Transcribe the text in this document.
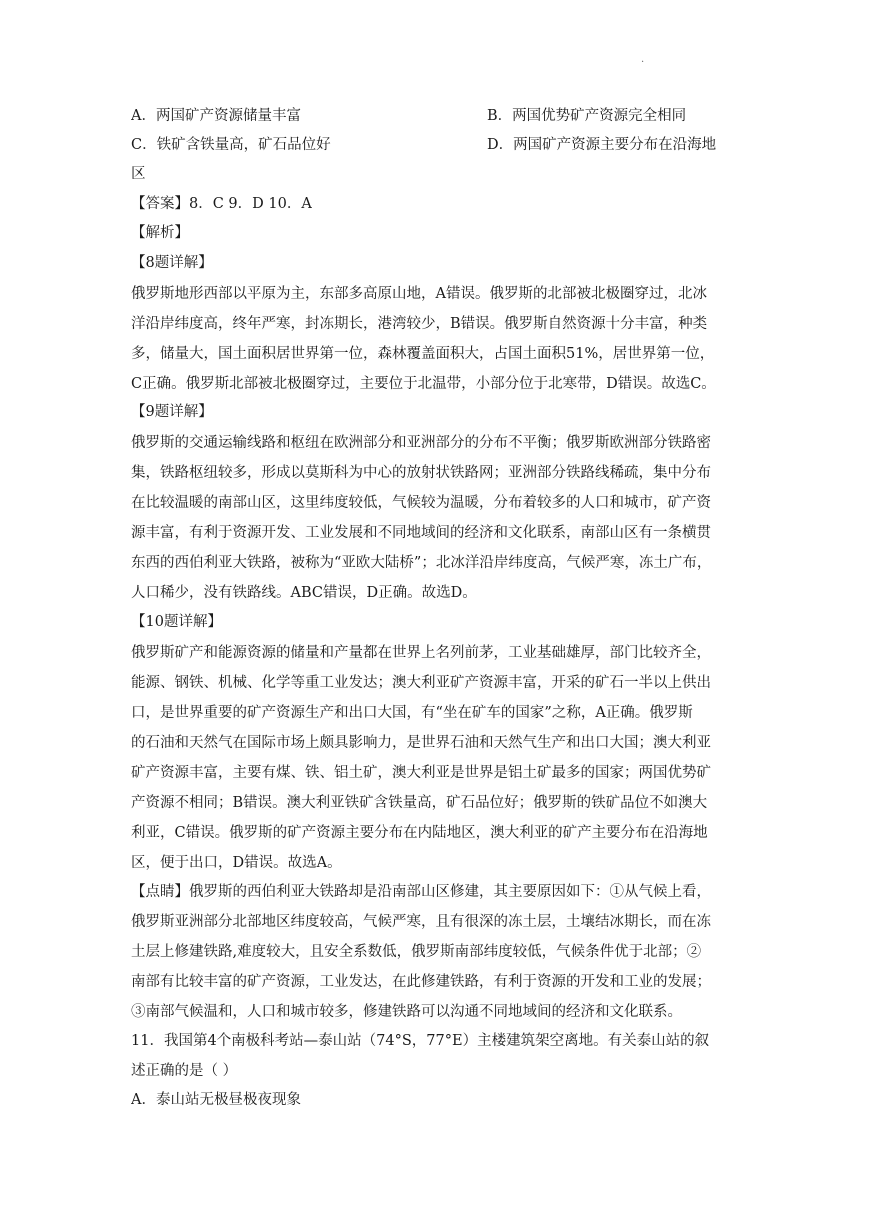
.
A．两国矿产资源储量丰富	B．两国优势矿产资源完全相同
C．铁矿含铁量高，矿石品位好	D．两国矿产资源主要分布在沿海地
区
【答案】8．C 9．D 10．A
【解析】
【8题详解】
俄罗斯地形西部以平原为主，东部多高原山地，A错误。俄罗斯的北部被北极圈穿过，北冰
洋沿岸纬度高，终年严寒，封冻期长，港湾较少，B错误。俄罗斯自然资源十分丰富，种类
多，储量大，国土面积居世界第一位，森林覆盖面积大，占国土面积51%，居世界第一位，
C正确。俄罗斯北部被北极圈穿过，主要位于北温带，小部分位于北寒带，D错误。故选C。
【9题详解】
俄罗斯的交通运输线路和枢纽在欧洲部分和亚洲部分的分布不平衡；俄罗斯欧洲部分铁路密
集，铁路枢纽较多，形成以莫斯科为中心的放射状铁路网；亚洲部分铁路线稀疏，集中分布
在比较温暖的南部山区，这里纬度较低，气候较为温暖，分布着较多的人口和城市，矿产资
源丰富，有利于资源开发、工业发展和不同地域间的经济和文化联系，南部山区有一条横贯
东西的西伯利亚大铁路，被称为“亚欧大陆桥”；北冰洋沿岸纬度高，气候严寒，冻土广布，
人口稀少，没有铁路线。ABC错误，D正确。故选D。
【10题详解】
俄罗斯矿产和能源资源的储量和产量都在世界上名列前茅，工业基础雄厚，部门比较齐全，
能源、钢铁、机械、化学等重工业发达；澳大利亚矿产资源丰富，开采的矿石一半以上供出
口，是世界重要的矿产资源生产和出口大国，有“坐在矿车的国家”之称，A正确。俄罗斯
的石油和天然气在国际市场上颇具影响力，是世界石油和天然气生产和出口大国；澳大利亚
矿产资源丰富，主要有煤、铁、铝土矿，澳大利亚是世界是铝土矿最多的国家；两国优势矿
产资源不相同；B错误。澳大利亚铁矿含铁量高，矿石品位好；俄罗斯的铁矿品位不如澳大
利亚，C错误。俄罗斯的矿产资源主要分布在内陆地区，澳大利亚的矿产主要分布在沿海地
区，便于出口，D错误。故选A。
【点睛】俄罗斯的西伯利亚大铁路却是沿南部山区修建，其主要原因如下：①从气候上看，
俄罗斯亚洲部分北部地区纬度较高，气候严寒，且有很深的冻土层，土壤结冰期长，而在冻
土层上修建铁路,难度较大，且安全系数低，俄罗斯南部纬度较低，气候条件优于北部；②
南部有比较丰富的矿产资源，工业发达，在此修建铁路，有利于资源的开发和工业的发展；
③南部气候温和，人口和城市较多，修建铁路可以沟通不同地域间的经济和文化联系。
11．我国第4个南极科考站—泰山站（74°S，77°E）主楼建筑架空离地。有关泰山站的叙
述正确的是（ ）
A．泰山站无极昼极夜现象
